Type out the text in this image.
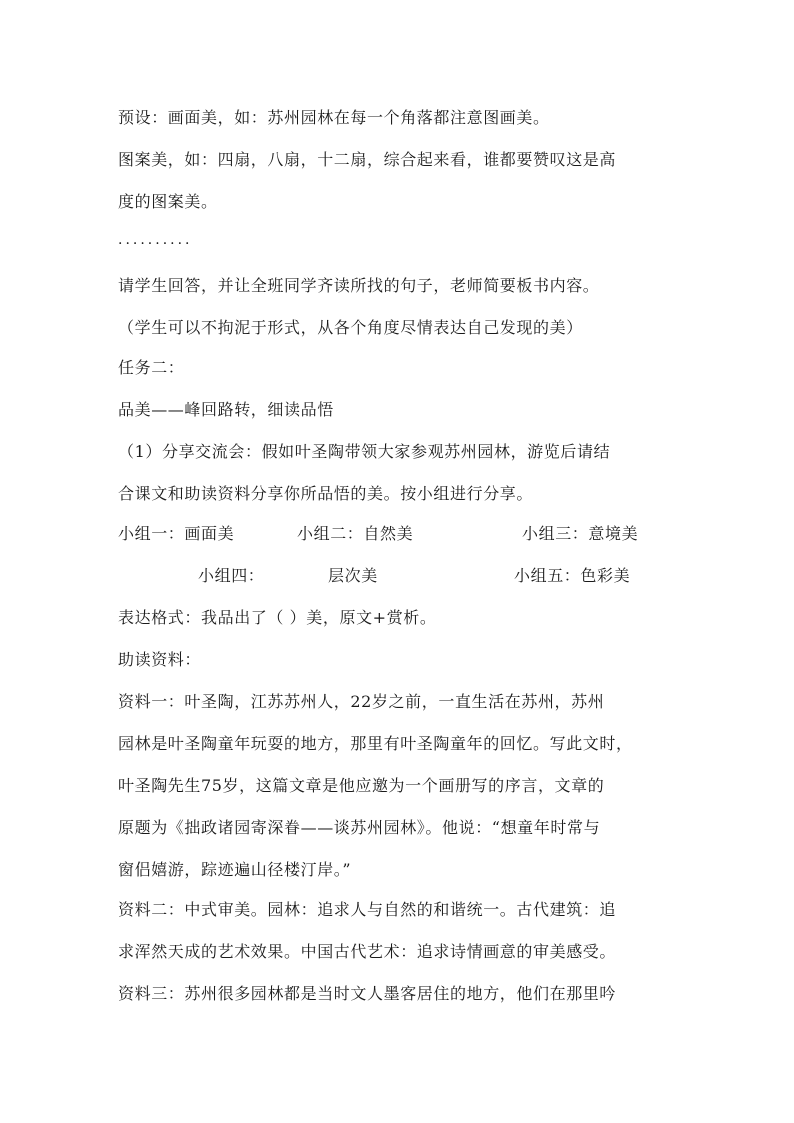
预设：画面美，如：苏州园林在每一个角落都注意图画美。
图案美，如：四扇，八扇，十二扇，综合起来看，谁都要赞叹这是高
度的图案美。
··········
请学生回答，并让全班同学齐读所找的句子，老师简要板书内容。
（学生可以不拘泥于形式，从各个角度尽情表达自己发现的美）
任务二：
品美——峰回路转，细读品悟
（1）分享交流会：假如叶圣陶带领大家参观苏州园林，游览后请结
合课文和助读资料分享你所品悟的美。按小组进行分享。
小组一：画面美	小组二：自然美	小组三：意境美
小组四：	层次美	小组五：色彩美
表达格式：我品出了（ ）美，原文+赏析。
助读资料：
资料一：叶圣陶，江苏苏州人，22岁之前，一直生活在苏州，苏州
园林是叶圣陶童年玩耍的地方，那里有叶圣陶童年的回忆。写此文时，
叶圣陶先生75岁，这篇文章是他应邀为一个画册写的序言，文章的
原题为《拙政诸园寄深眷——谈苏州园林》。他说：“想童年时常与
窗侣嬉游，踪迹遍山径楼汀岸。”
资料二：中式审美。园林：追求人与自然的和谐统一。古代建筑：追
求浑然天成的艺术效果。中国古代艺术：追求诗情画意的审美感受。
资料三：苏州很多园林都是当时文人墨客居住的地方，他们在那里吟
